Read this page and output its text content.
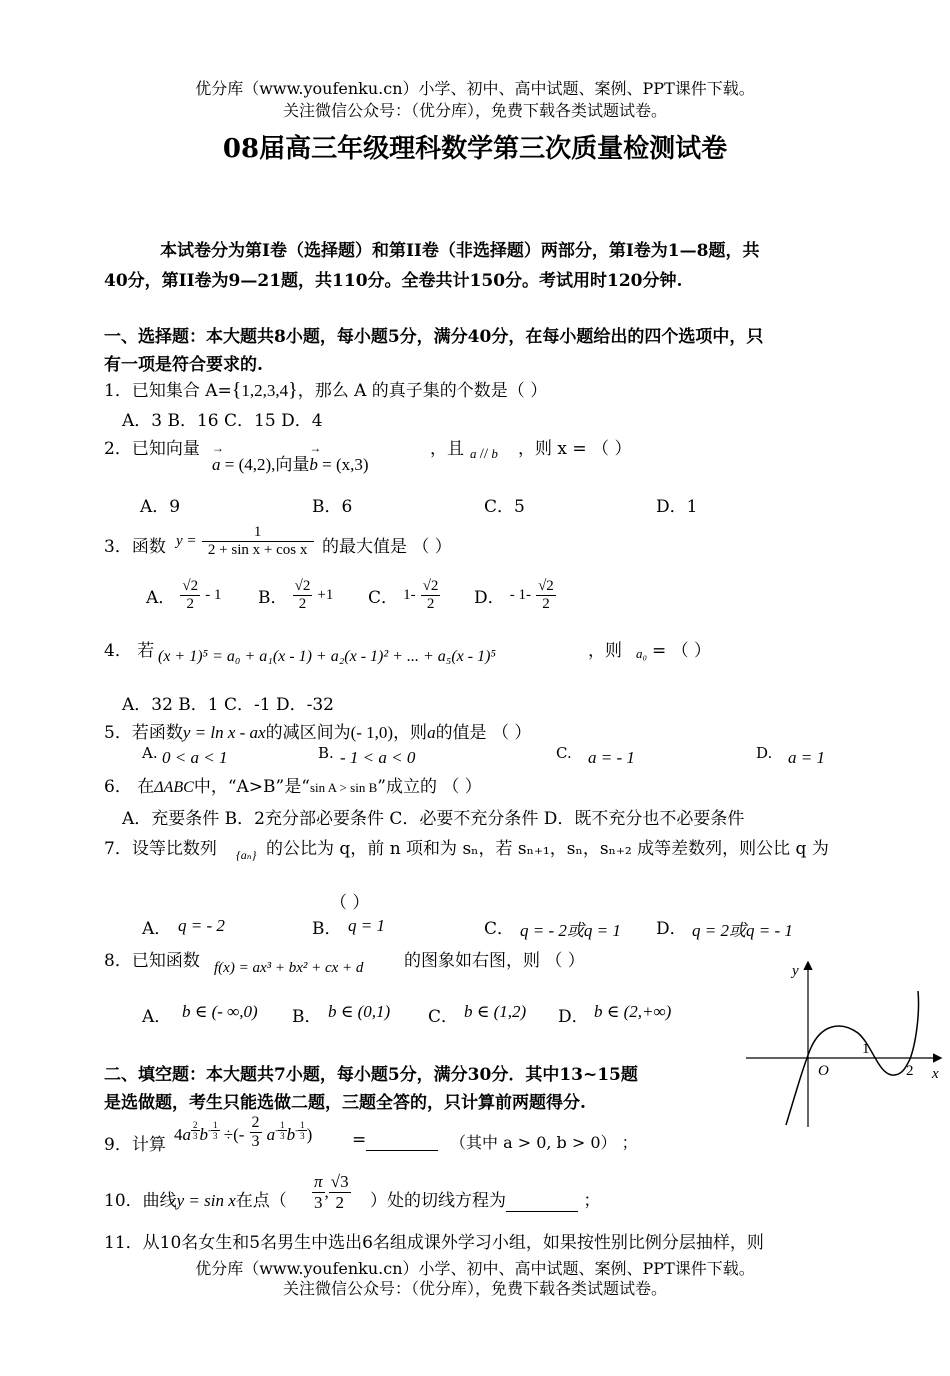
优分库（www.youfenku.cn）小学、初中、高中试题、案例、PPT课件下载。
关注微信公众号：（优分库），免费下载各类试题试卷。
08届高三年级理科数学第三次质量检测试卷
本试卷分为第I卷（选择题）和第II卷（非选择题）两部分，第I卷为1—8题，共
40分，第II卷为9—21题，共110分。全卷共计150分。考试用时120分钟.
一、选择题：本大题共8小题，每小题5分，满分40分，在每小题给出的四个选项中，只
有一项是符合要求的.
1．已知集合 A={1,2,3,4}，那么 A 的真子集的个数是（ ）
A．3 B．16 C．15 D．4
2．已知向量
a
→
= (4,2),向量b
→
= (x,3)
，且 a // b ，则 x = （ ）
A．9	B．6	C．5	D．1
3．函数 $y = \frac{1}{\text{2 + sin x + cos x}}$ 的最大值是 （ ）
A． $\frac{√2}{2} - 1$ B． $\frac{√2}{2} +1$ C． $1- \frac{√2}{2}$ D． - $1- \frac{√2}{2}$
4． 若 (x + 1)⁵ = a₀ + a₁(x - 1) + a₂(x - 1)² + ... + a₅(x - 1)⁵	，则 a₀ = （ ）
A．32 B．1 C．-1 D．-32
5．若函数y = ln x - ax的减区间为(- 1,0)，则a的值是 （ ）
A. 0 < a < 1	B. - 1 < a < 0	C. a = - 1	D. a = 1
6． 在ΔABC中，“A>B”是“sin A > sin B”成立的 （ ）
A．充要条件 B．2充分部必要条件 C．必要不充分条件 D．既不充分也不必要条件
7．设等比数列 {aₙ} 的公比为 q，前 n 项和为 sₙ，若 sₙ₊₁，sₙ，sₙ₊₂ 成等差数列，则公比 q 为
（ ）
A． q = - 2	B． q = 1	C． q = - 2或q = 1 D． q = 2或q = - 1
8．已知函数 f(x) = ax³ + bx² + cx + d 的图象如右图，则 （ ）
A． b ∈ (- ∞,0) B． b ∈ (0,1) C． b ∈ (1,2) D． b ∈ (2,+∞)
y
x
O
1
2
二、填空题：本大题共7小题，每小题5分，满分30分．其中13~15题
是选做题，考生只能选做二题，三题全答的，只计算前两题得分.
9．计算
4a $^{\frac{2}{3}}$ $b^{- \frac{1}{3}}$ ÷(- $\frac{2}{3} a^{- \frac{1}{3}}$ $b^{- \frac{1}{3}}$ ) =	（其中 a > 0, b > 0） ；
10．曲线y = sin x在点（ $\frac{\pi}{3}$ , $\frac{√3}{2}$ ）处的切线方程为	；
11．从10名女生和5名男生中选出6名组成课外学习小组，如果按性别比例分层抽样，则
优分库（www.youfenku.cn）小学、初中、高中试题、案例、PPT课件下载。
关注微信公众号：（优分库），免费下载各类试题试卷。
